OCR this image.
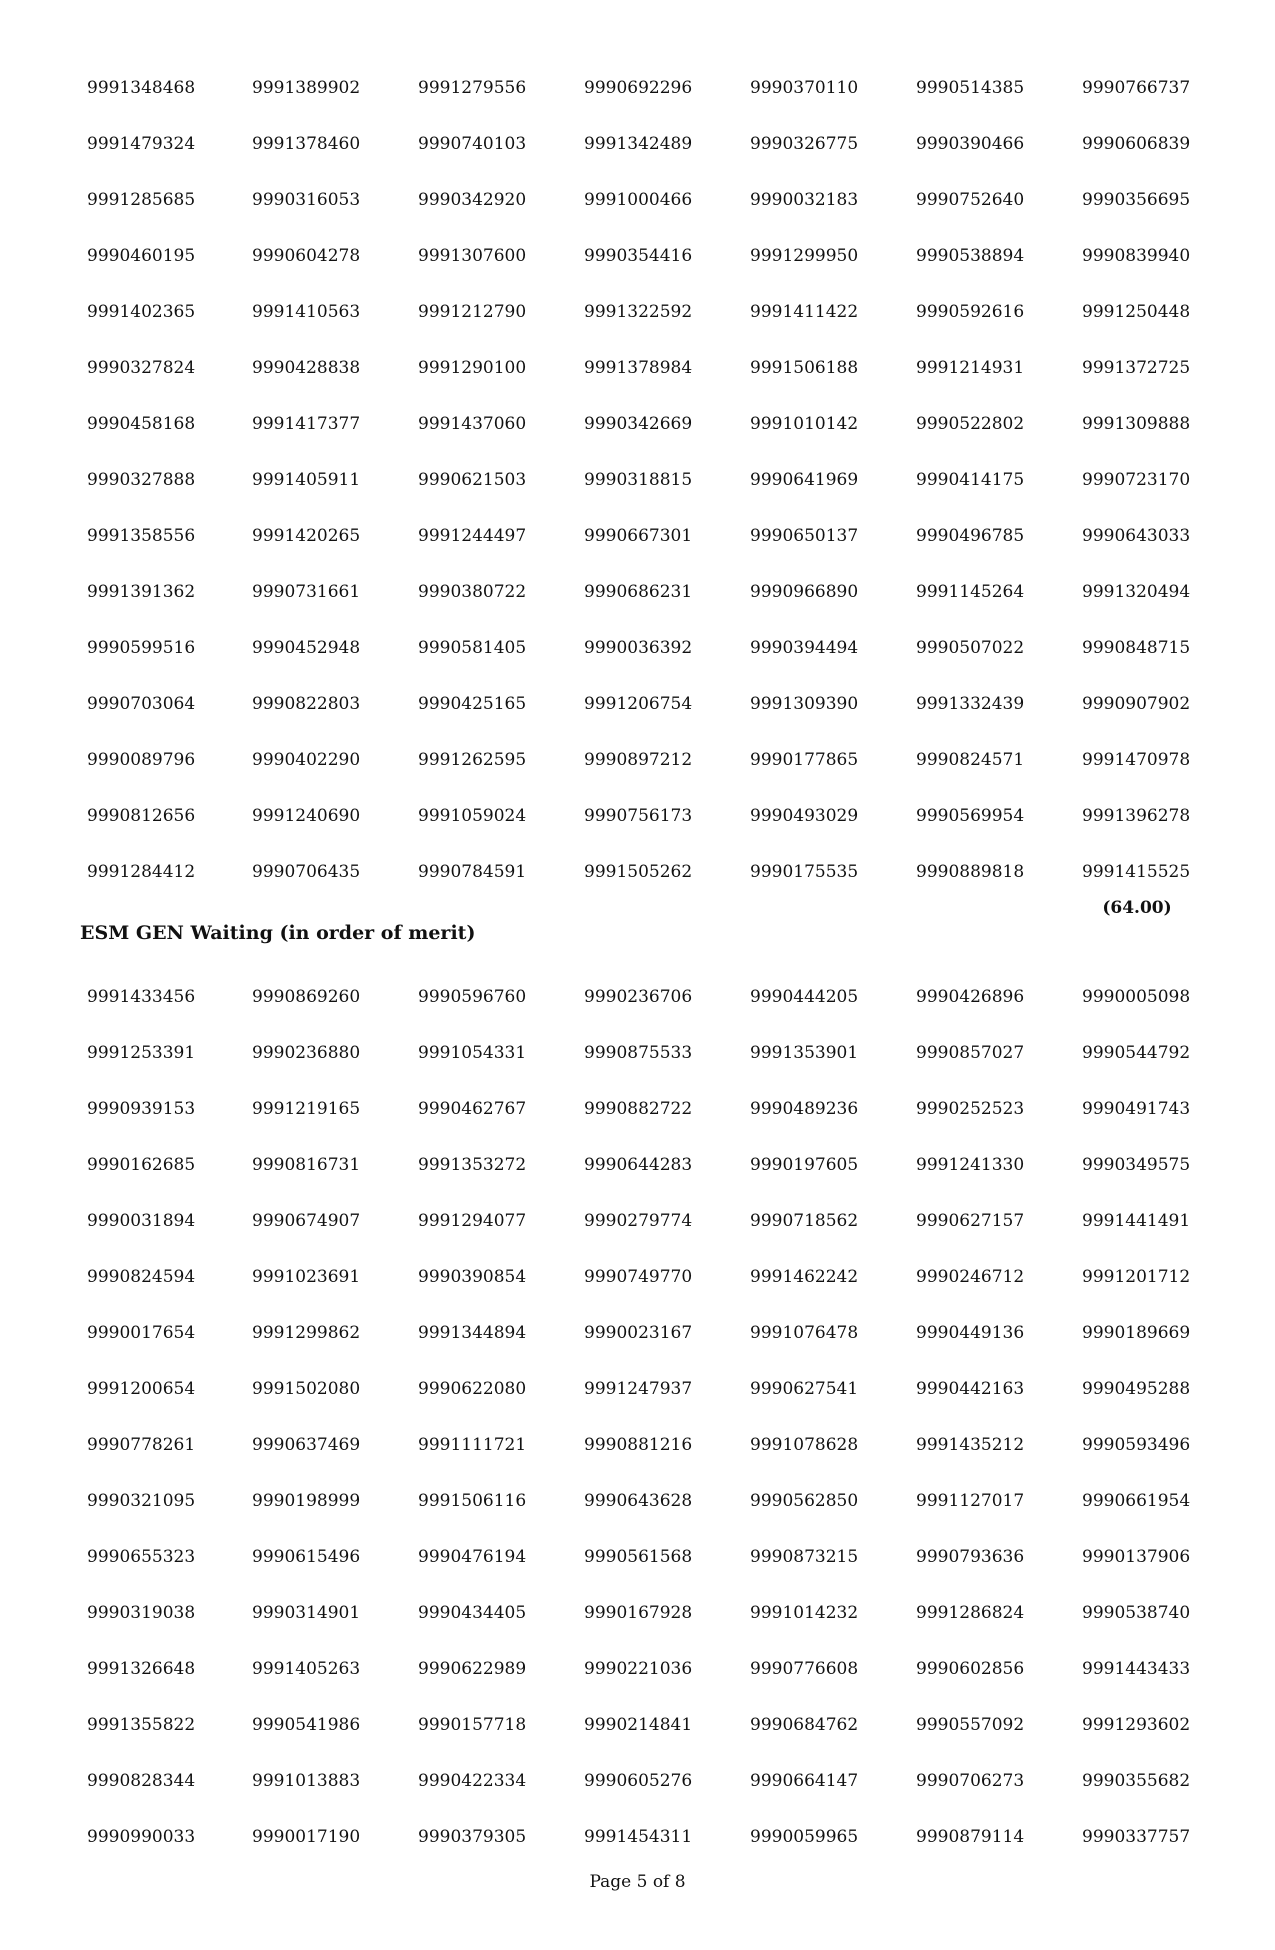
9991348468	9991389902	9991279556	9990692296	9990370110	9990514385	9990766737
9991479324	9991378460	9990740103	9991342489	9990326775	9990390466	9990606839
9991285685	9990316053	9990342920	9991000466	9990032183	9990752640	9990356695
9990460195	9990604278	9991307600	9990354416	9991299950	9990538894	9990839940
9991402365	9991410563	9991212790	9991322592	9991411422	9990592616	9991250448
9990327824	9990428838	9991290100	9991378984	9991506188	9991214931	9991372725
9990458168	9991417377	9991437060	9990342669	9991010142	9990522802	9991309888
9990327888	9991405911	9990621503	9990318815	9990641969	9990414175	9990723170
9991358556	9991420265	9991244497	9990667301	9990650137	9990496785	9990643033
9991391362	9990731661	9990380722	9990686231	9990966890	9991145264	9991320494
9990599516	9990452948	9990581405	9990036392	9990394494	9990507022	9990848715
9990703064	9990822803	9990425165	9991206754	9991309390	9991332439	9990907902
9990089796	9990402290	9991262595	9990897212	9990177865	9990824571	9991470978
9990812656	9991240690	9991059024	9990756173	9990493029	9990569954	9991396278
9991284412	9990706435	9990784591	9991505262	9990175535	9990889818	9991415525
(64.00)
ESM GEN Waiting (in order of merit)
9991433456	9990869260	9990596760	9990236706	9990444205	9990426896	9990005098
9991253391	9990236880	9991054331	9990875533	9991353901	9990857027	9990544792
9990939153	9991219165	9990462767	9990882722	9990489236	9990252523	9990491743
9990162685	9990816731	9991353272	9990644283	9990197605	9991241330	9990349575
9990031894	9990674907	9991294077	9990279774	9990718562	9990627157	9991441491
9990824594	9991023691	9990390854	9990749770	9991462242	9990246712	9991201712
9990017654	9991299862	9991344894	9990023167	9991076478	9990449136	9990189669
9991200654	9991502080	9990622080	9991247937	9990627541	9990442163	9990495288
9990778261	9990637469	9991111721	9990881216	9991078628	9991435212	9990593496
9990321095	9990198999	9991506116	9990643628	9990562850	9991127017	9990661954
9990655323	9990615496	9990476194	9990561568	9990873215	9990793636	9990137906
9990319038	9990314901	9990434405	9990167928	9991014232	9991286824	9990538740
9991326648	9991405263	9990622989	9990221036	9990776608	9990602856	9991443433
9991355822	9990541986	9990157718	9990214841	9990684762	9990557092	9991293602
9990828344	9991013883	9990422334	9990605276	9990664147	9990706273	9990355682
9990990033	9990017190	9990379305	9991454311	9990059965	9990879114	9990337757
Page 5 of 8
